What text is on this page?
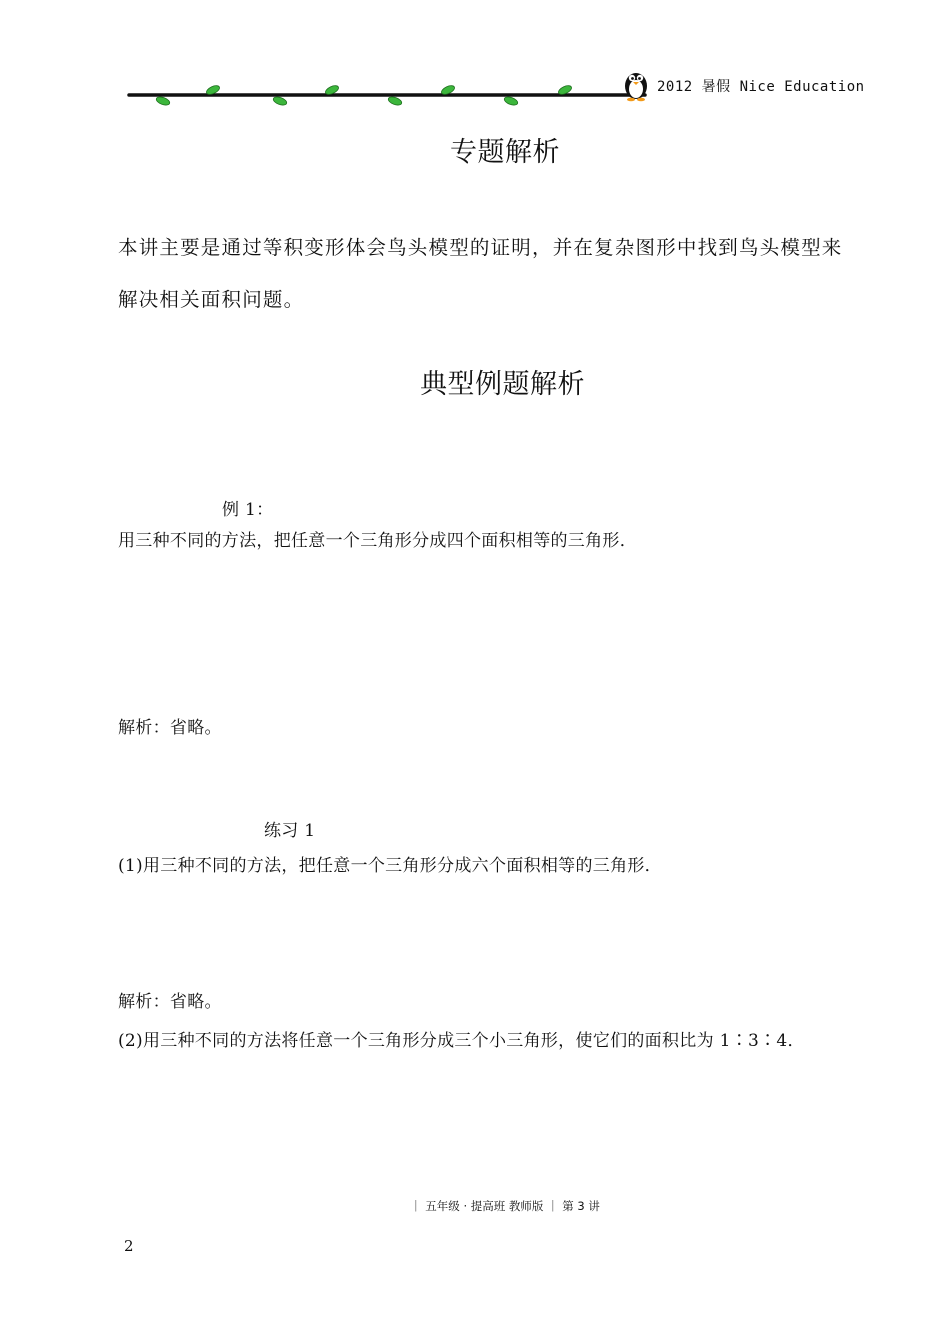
2012 暑假 Nice Education
专题解析
本讲主要是通过等积变形体会鸟头模型的证明，并在复杂图形中找到鸟头模型来解决相关面积问题。
典型例题解析
例 1：
用三种不同的方法，把任意一个三角形分成四个面积相等的三角形．
解析：省略。
练习 1
(1)用三种不同的方法，把任意一个三角形分成六个面积相等的三角形．
解析：省略。
(2)用三种不同的方法将任意一个三角形分成三个小三角形，使它们的面积比为 1∶3∶4．
｜ 五年级 · 提高班 教师版 ｜ 第 3 讲
2
